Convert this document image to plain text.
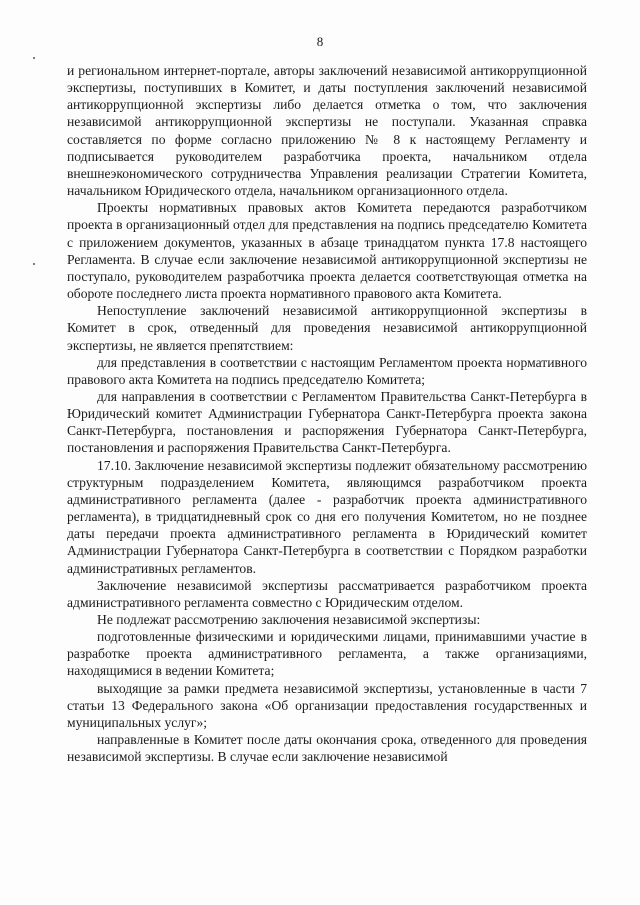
8

и региональном интернет-портале, авторы заключений независимой антикоррупционной экспертизы, поступивших в Комитет, и даты поступления заключений независимой антикоррупционной экспертизы либо делается отметка о том, что заключения независимой антикоррупционной экспертизы не поступали. Указанная справка составляется по форме согласно приложению № 8 к настоящему Регламенту и подписывается руководителем разработчика проекта, начальником отдела внешнеэкономического сотрудничества Управления реализации Стратегии Комитета, начальником Юридического отдела, начальником организационного отдела.

Проекты нормативных правовых актов Комитета передаются разработчиком проекта в организационный отдел для представления на подпись председателю Комитета с приложением документов, указанных в абзаце тринадцатом пункта 17.8 настоящего Регламента. В случае если заключение независимой антикоррупционной экспертизы не поступало, руководителем разработчика проекта делается соответствующая отметка на обороте последнего листа проекта нормативного правового акта Комитета.

Непоступление заключений независимой антикоррупционной экспертизы в Комитет в срок, отведенный для проведения независимой антикоррупционной экспертизы, не является препятствием:

для представления в соответствии с настоящим Регламентом проекта нормативного правового акта Комитета на подпись председателю Комитета;

для направления в соответствии с Регламентом Правительства Санкт-Петербурга в Юридический комитет Администрации Губернатора Санкт-Петербурга проекта закона Санкт-Петербурга, постановления и распоряжения Губернатора Санкт-Петербурга, постановления и распоряжения Правительства Санкт-Петербурга.

17.10. Заключение независимой экспертизы подлежит обязательному рассмотрению структурным подразделением Комитета, являющимся разработчиком проекта административного регламента (далее - разработчик проекта административного регламента), в тридцатидневный срок со дня его получения Комитетом, но не позднее даты передачи проекта административного регламента в Юридический комитет Администрации Губернатора Санкт-Петербурга в соответствии с Порядком разработки административных регламентов.

Заключение независимой экспертизы рассматривается разработчиком проекта административного регламента совместно с Юридическим отделом.

Не подлежат рассмотрению заключения независимой экспертизы:

подготовленные физическими и юридическими лицами, принимавшими участие в разработке проекта административного регламента, а также организациями, находящимися в ведении Комитета;

выходящие за рамки предмета независимой экспертизы, установленные в части 7 статьи 13 Федерального закона «Об организации предоставления государственных и муниципальных услуг»;

направленные в Комитет после даты окончания срока, отведенного для проведения независимой экспертизы. В случае если заключение независимой
